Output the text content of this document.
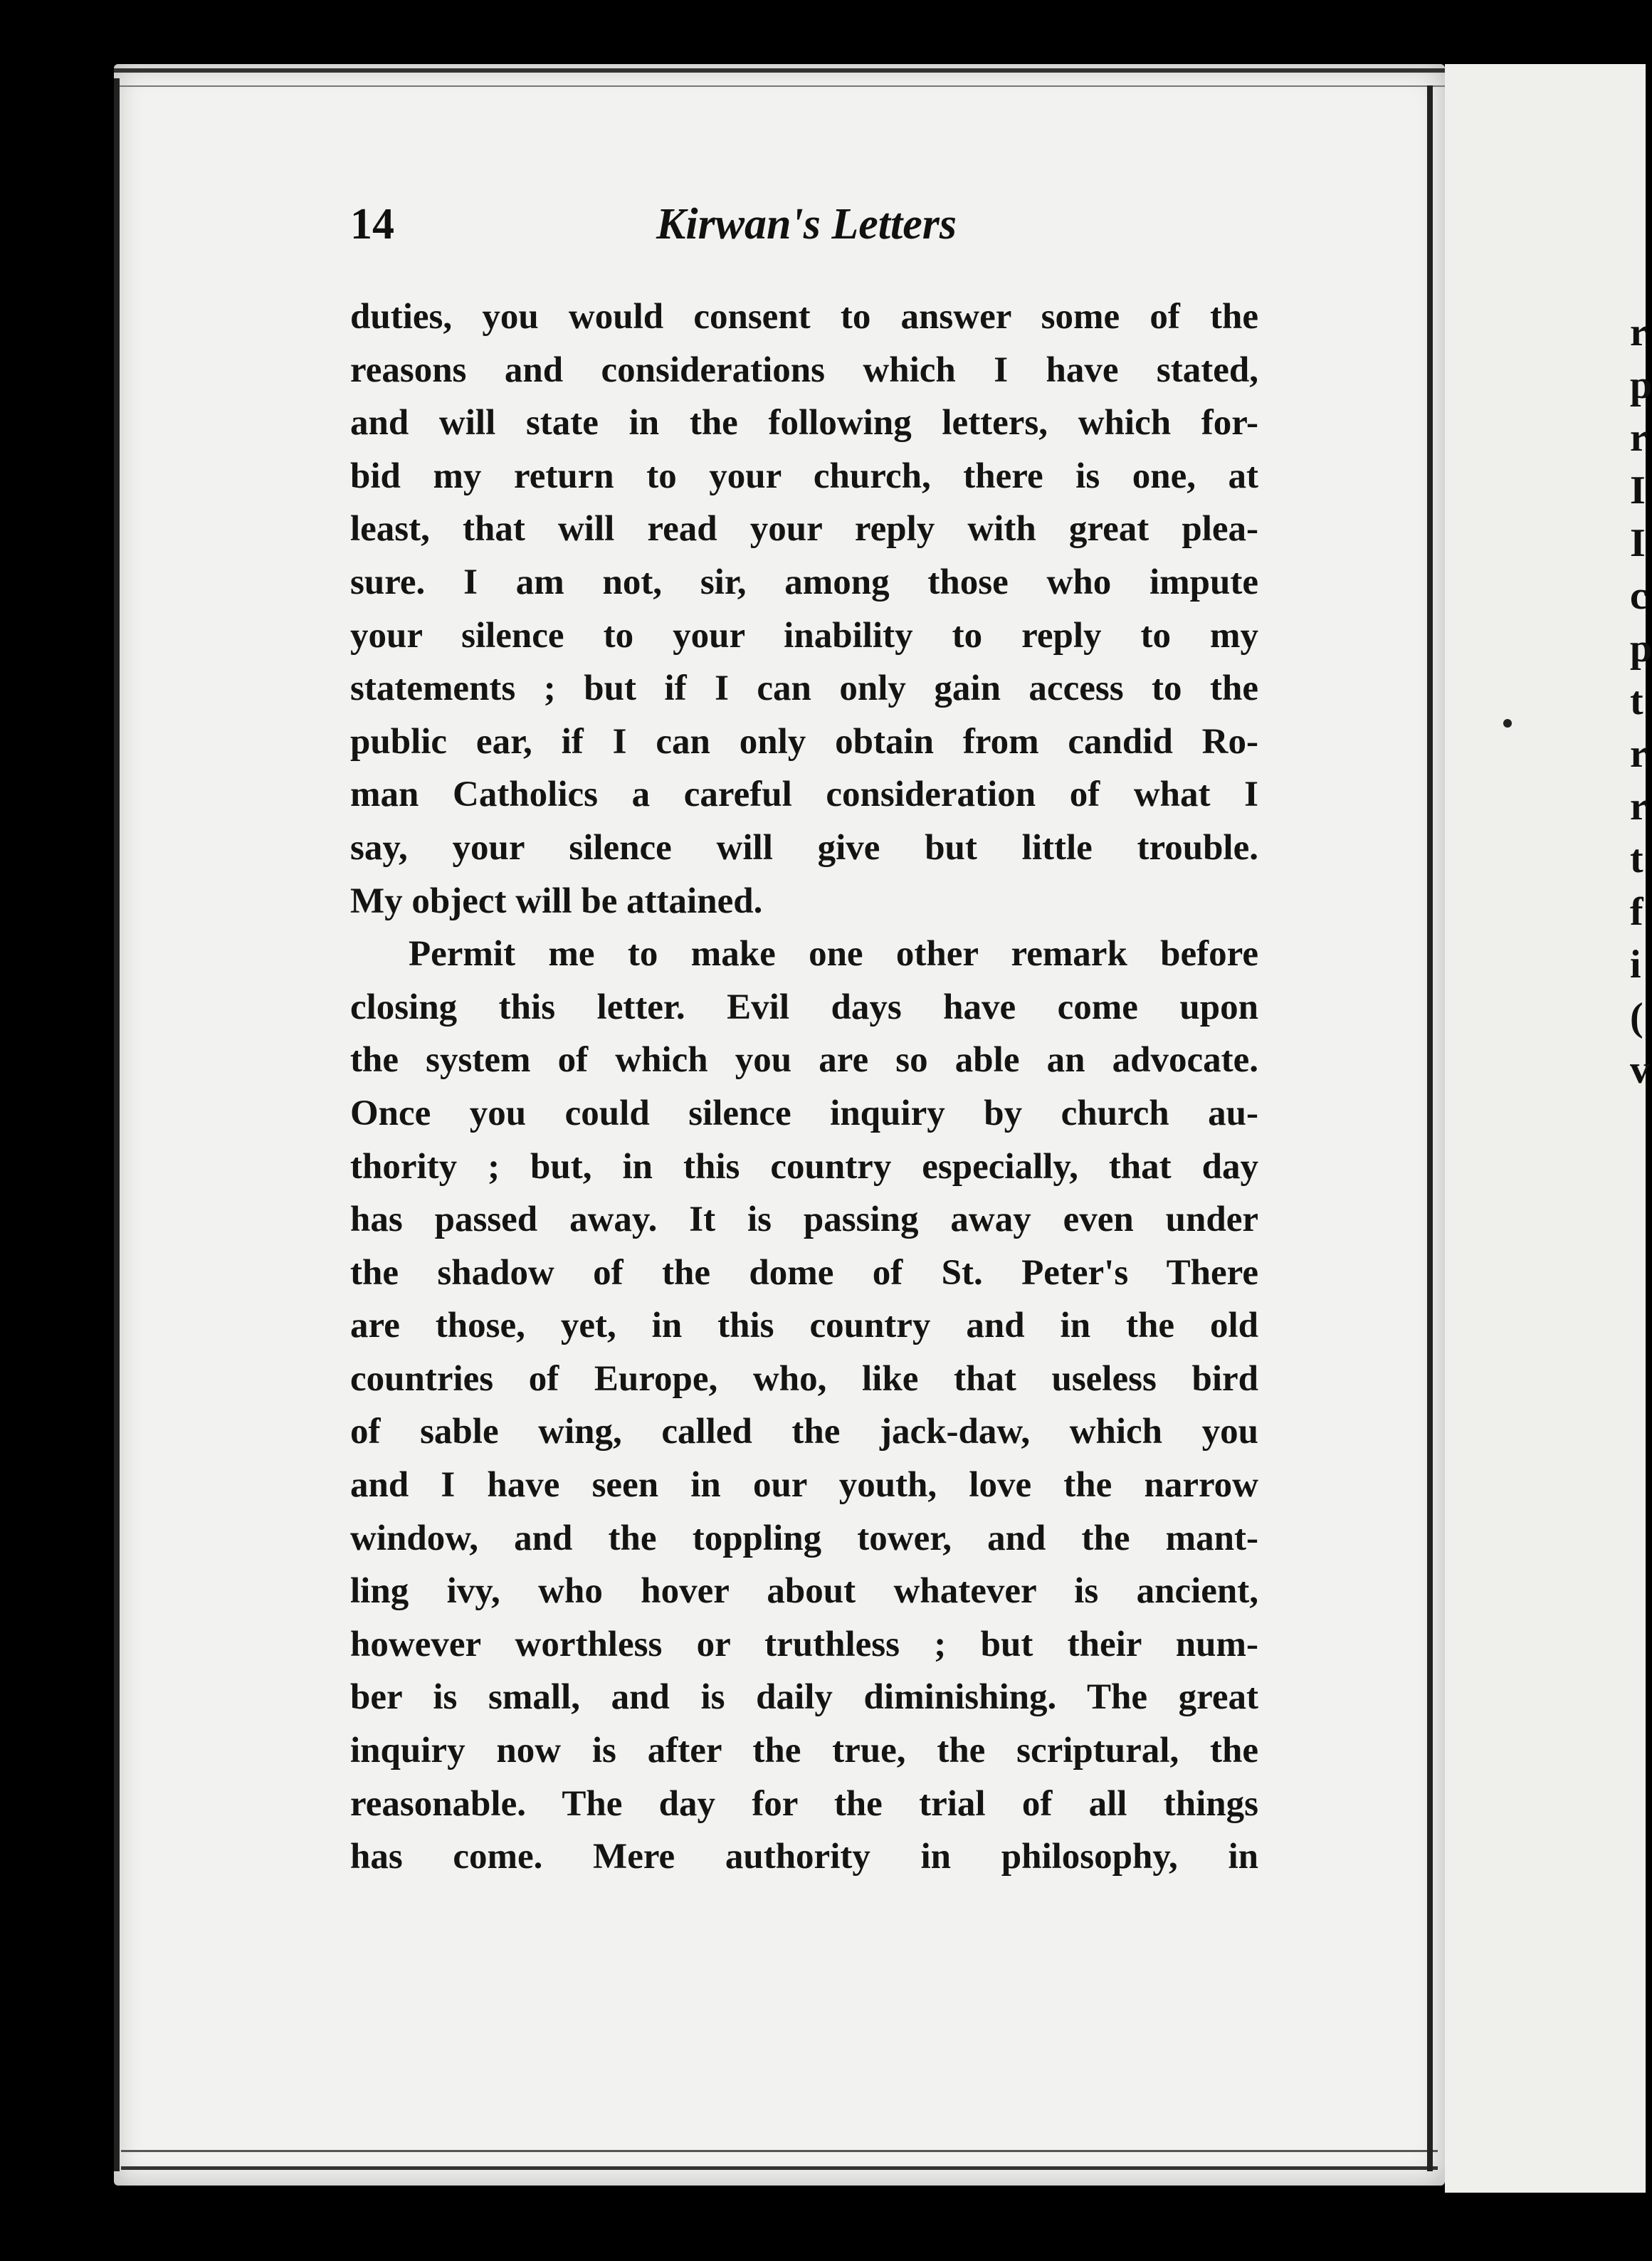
r p r I I c p t r r t f i ( v
14	Kirwan's Letters
duties, you would consent to answer some of the
reasons and considerations which I have stated,
and will state in the following letters, which for-
bid my return to your church, there is one, at
least, that will read your reply with great plea-
sure. I am not, sir, among those who impute
your silence to your inability to reply to my
statements ; but if I can only gain access to the
public ear, if I can only obtain from candid Ro-
man Catholics a careful consideration of what I
say, your silence will give but little trouble.
My object will be attained.
Permit me to make one other remark before
closing this letter. Evil days have come upon
the system of which you are so able an advocate.
Once you could silence inquiry by church au-
thority ; but, in this country especially, that day
has passed away. It is passing away even under
the shadow of the dome of St. Peter's There
are those, yet, in this country and in the old
countries of Europe, who, like that useless bird
of sable wing, called the jack-daw, which you
and I have seen in our youth, love the narrow
window, and the toppling tower, and the mant-
ling ivy, who hover about whatever is ancient,
however worthless or truthless ; but their num-
ber is small, and is daily diminishing. The great
inquiry now is after the true, the scriptural, the
reasonable. The day for the trial of all things
has come. Mere authority in philosophy, in
